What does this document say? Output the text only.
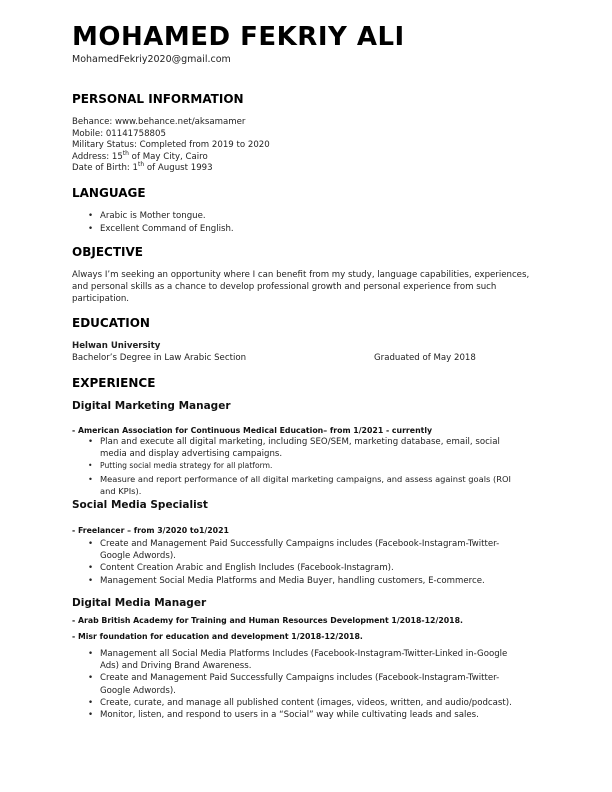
MOHAMED FEKRIY ALI
MohamedFekriy2020@gmail.com
PERSONAL INFORMATION
Behance: www.behance.net/aksamamer
Mobile: 01141758805
Military Status: Completed from 2019 to 2020
Address: 15th of May City, Cairo
Date of Birth: 1th of August 1993
LANGUAGE
• Arabic is Mother tongue.
• Excellent Command of English.
OBJECTIVE
Always I’m seeking an opportunity where I can benefit from my study, language capabilities, experiences, and personal skills as a chance to develop professional growth and personal experience from such participation.
EDUCATION
Helwan University
Bachelor’s Degree in Law Arabic Section	Graduated of May 2018
EXPERIENCE
Digital Marketing Manager
- American Association for Continuous Medical Education– from 1/2021 - currently
• Plan and execute all digital marketing, including SEO/SEM, marketing database, email, social
media and display advertising campaigns.
• Putting social media strategy for all platform.
• Measure and report performance of all digital marketing campaigns, and assess against goals (ROI
and KPIs).
Social Media Specialist
- Freelancer – from 3/2020 to1/2021
• Create and Management Paid Successfully Campaigns includes (Facebook-Instagram-Twitter-
Google Adwords).
• Content Creation Arabic and English Includes (Facebook-Instagram).
• Management Social Media Platforms and Media Buyer, handling customers, E-commerce.
Digital Media Manager
- Arab British Academy for Training and Human Resources Development 1/2018-12/2018.
- Misr foundation for education and development 1/2018-12/2018.
• Management all Social Media Platforms Includes (Facebook-Instagram-Twitter-Linked in-Google
Ads) and Driving Brand Awareness.
• Create and Management Paid Successfully Campaigns includes (Facebook-Instagram-Twitter-
Google Adwords).
• Create, curate, and manage all published content (images, videos, written, and audio/podcast).
• Monitor, listen, and respond to users in a “Social” way while cultivating leads and sales.
